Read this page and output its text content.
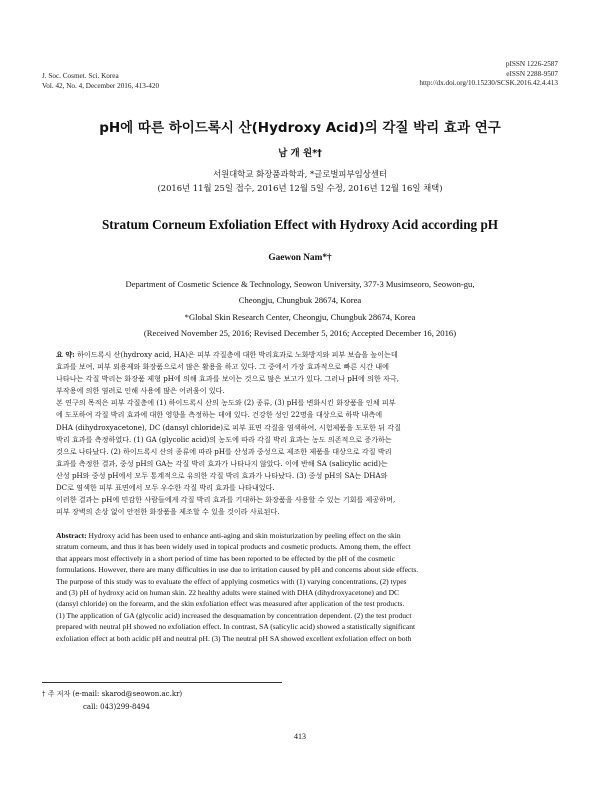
J. Soc. Cosmet. Sci. Korea
Vol. 42, No. 4, December 2016, 413-420
pISSN 1226-2587
eISSN 2288-9507
http://dx.doi.org/10.15230/SCSK.2016.42.4.413
pH에 따른 하이드록시 산(Hydroxy Acid)의 각질 박리 효과 연구
남 개 원*†
서원대학교 화장품과학과, *글로벌피부임상센터
(2016년 11월 25일 접수, 2016년 12월 5일 수정, 2016년 12월 16일 채택)
Stratum Corneum Exfoliation Effect with Hydroxy Acid according pH
Gaewon Nam*†
Department of Cosmetic Science & Technology, Seowon University, 377-3 Musimseoro, Seowon-gu,
Cheongju, Chungbuk 28674, Korea
*Global Skin Research Center, Cheongju, Chungbuk 28674, Korea
(Received November 25, 2016; Revised December 5, 2016; Accepted December 16, 2016)
요 약: 하이드록시 산(hydroxy acid, HA)은 피부 각질층에 대한 박리효과로 노화방지와 피부 보습을 높이는데
효과를 보여, 피부 외용제와 화장품으로서 많은 활용을 하고 있다. 그 중에서 가장 효과적으로 빠른 시간 내에
나타나는 각질 박리는 화장품 제형 pH에 의해 효과를 보이는 것으로 많은 보고가 있다. 그러나 pH에 의한 자극,
부작용에 의한 염려로 인해 사용에 많은 어려움이 있다.
본 연구의 목적은 피부 각질층에 (1) 하이드록시 산의 농도와 (2) 종류, (3) pH를 변화시킨 화장품을 인체 피부
에 도포하여 각질 박리 효과에 대한 영향을 측정하는 데에 있다. 건강한 성인 22명을 대상으로 하박 내측에
DHA (dihydroxyacetone), DC (dansyl chloride)로 피부 표면 각질을 염색하여, 시험제품을 도포한 뒤 각질
박리 효과를 측정하였다. (1) GA (glycolic acid)의 농도에 따라 각질 박리 효과는 농도 의존적으로 증가하는
것으로 나타났다. (2) 하이드록시 산의 종류에 따라 pH를 산성과 중성으로 제조한 제품을 대상으로 각질 박리
효과를 측정한 결과, 중성 pH의 GA는 각질 박리 효과가 나타나지 않았다. 이에 반해 SA (salicylic acid)는
산성 pH와 중성 pH에서 모두 통계적으로 유의한 각질 박리 효과가 나타났다. (3) 중성 pH의 SA는 DHA와
DC로 염색한 피부 표면에서 모두 우수한 각질 박리 효과를 나타내었다.
이러한 결과는 pH에 민감한 사람들에게 각질 박리 효과를 기대하는 화장품을 사용할 수 있는 기회를 제공하며,
피부 장벽의 손상 없이 안전한 화장품을 제조할 수 있을 것이라 사료된다.
Abstract: Hydroxy acid has been used to enhance anti-aging and skin moisturization by peeling effect on the skin
stratum corneum, and thus it has been widely used in topical products and cosmetic products. Among them, the effect
that appears most effectively in a short period of time has been reported to be effected by the pH of the cosmetic
formulations. However, there are many difficulties in use due to irritation caused by pH and concerns about side effects.
The purpose of this study was to evaluate the effect of applying cosmetics with (1) varying concentrations, (2) types
and (3) pH of hydroxy acid on human skin. 22 healthy adults were stained with DHA (dihydroxyacetone) and DC
(dansyl chloride) on the forearm, and the skin exfoliation effect was measured after application of the test products.
(1) The application of GA (glycolic acid) increased the desquamation by concentration dependent. (2) the test product
prepared with neutral pH showed no exfoliation effect. In contrast, SA (salicylic acid) showed a statistically significant
exfoliation effect at both acidic pH and neutral pH. (3) The neutral pH SA showed excellent exfoliation effect on both
† 주 저자 (e-mail: skarod@seowon.ac.kr)
call: 043)299-8494
413
